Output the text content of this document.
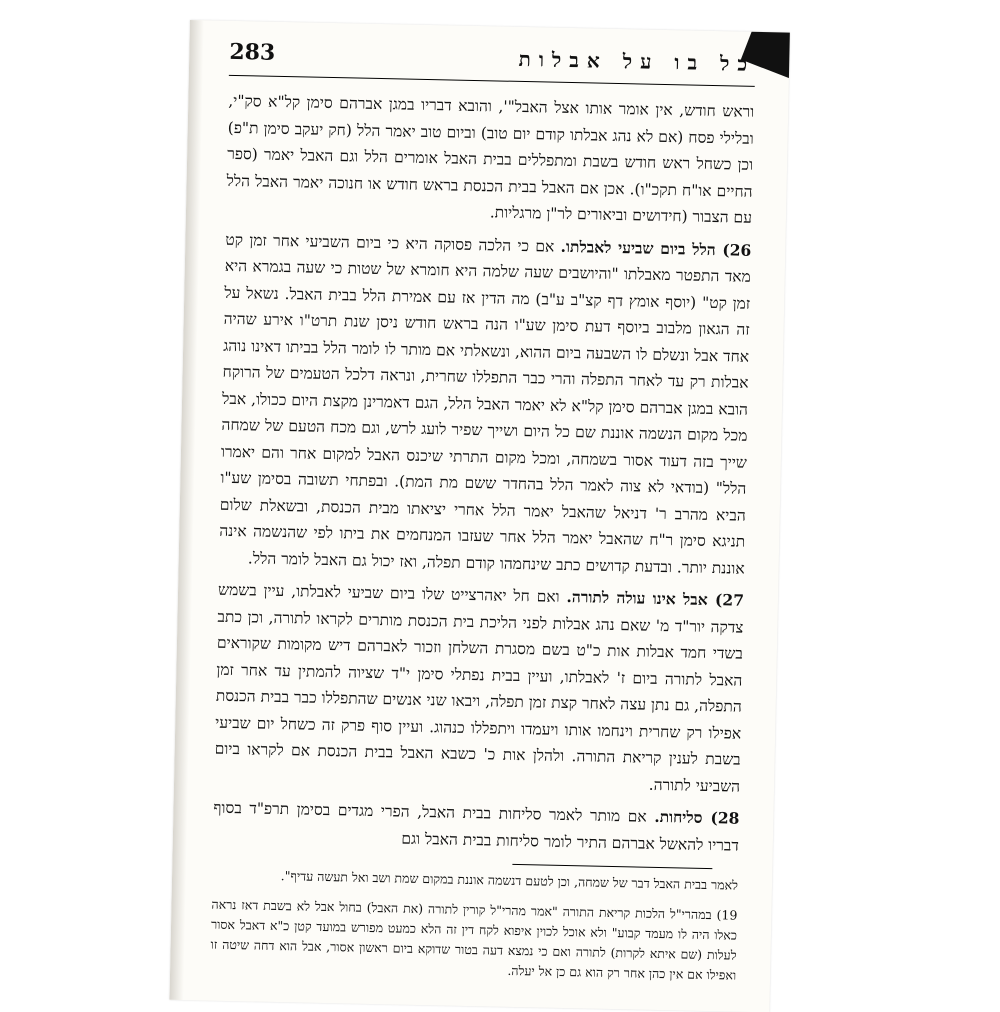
283	כל בו על אבלות

וראש חודש, אין אומר אותו אצל האבל"', והובא דבריו במגן אברהם סימן קל"א סק"י, ובלילי פסח (אם לא נהג אבלתו קודם יום טוב) וביום טוב יאמר הלל (חק יעקב סימן ת"פ) וכן כשחל ראש חודש בשבת ומתפללים בבית האבל אומרים הלל וגם האבל יאמר (ספר החיים או"ח תקכ"ו). אכן אם האבל בבית הכנסת בראש חודש או חנוכה יאמר האבל הלל עם הצבור (חידושים וביאורים לר"ן מרגליות.

26) הלל ביום שביעי לאבלתו. אם כי הלכה פסוקה היא כי ביום השביעי אחר זמן קט מאד התפטר מאבלתו "והיושבים שעה שלמה היא חומרא של שטות כי שעה בגמרא היא זמן קט" (יוסף אומץ דף קצ"ב ע"ב) מה הדין אז עם אמירת הלל בבית האבל. נשאל על זה הגאון מלבוב ביוסף דעת סימן שע"ו הנה בראש חודש ניסן שנת תרט"ו אירע שהיה אחד אבל ונשלם לו השבעה ביום ההוא, ונשאלתי אם מותר לו לומר הלל בביתו דאינו נוהג אבלות רק עד לאחר התפלה והרי כבר התפללו שחרית, ונראה דלכל הטעמים של הרוקח הובא במגן אברהם סימן קל"א לא יאמר האבל הלל, הגם דאמרינן מקצת היום ככולו, אבל מכל מקום הנשמה אוננת שם כל היום ושייך שפיר לועג לרש, וגם מכח הטעם של שמחה שייך בזה דעוד אסור בשמחה, ומכל מקום התרתי שיכנס האבל למקום אחר והם יאמרו הלל" (בודאי לא צוה לאמר הלל בהחדר ששם מת המת). ובפתחי תשובה בסימן שע"ו הביא מהרב ר' דניאל שהאבל יאמר הלל אחרי יציאתו מבית הכנסת, ובשאלת שלום תניגא סימן ר"ח שהאבל יאמר הלל אחר שעזבו המנחמים את ביתו לפי שהנשמה אינה אוננת יותר. ובדעת קדושים כתב שינחמהו קודם תפלה, ואז יכול גם האבל לומר הלל.

27) אבל אינו עולה לתורה. ואם חל יאהרצייט שלו ביום שביעי לאבלתו, עיין בשמש צדקה יור"ד מ' שאם נהג אבלות לפני הליכת בית הכנסת מותרים לקראו לתורה, וכן כתב בשדי חמד אבלות אות כ"ט בשם מסגרת השלחן וזכור לאברהם דיש מקומות שקוראים האבל לתורה ביום ז' לאבלתו, ועיין בבית נפתלי סימן י"ד שציוה להמתין עד אחר זמן התפלה, גם נתן עצה לאחר קצת זמן תפלה, ויבאו שני אנשים שהתפללו כבר בבית הכנסת אפילו רק שחרית וינחמו אותו ויעמדו ויתפללו כנהוג. ועיין סוף פרק זה כשחל יום שביעי בשבת לענין קריאת התורה. ולהלן אות כ' כשבא האבל בבית הכנסת אם לקראו ביום השביעי לתורה.

28) סליחות. אם מותר לאמר סליחות בבית האבל, הפרי מגדים בסימן תרפ"ד בסוף דבריו להאשל אברהם התיר לומר סליחות בבית האבל וגם

לאמר בבית האבל דבר של שמחה, וכן לטעם דנשמה אוננת במקום שמת ושב ואל תעשה עדיף".

19) במהרי"ל הלכות קריאת התורה "אמר מהרי"ל קורין לתורה (את האבל) בחול אבל לא בשבת דאז נראה כאלו היה לו מעמד קבוע" ולא אוכל לכוין איפוא לקח דין זה הלא כמעט מפורש במועד קטן כ"א דאבל אסור לעלות (שם איתא לקרות) לתורה ואם כי נמצא דעה בטור שדוקא ביום ראשון אסור, אבל הוא דחה שיטה זו ואפילו אם אין כהן אחר רק הוא גם כן אל יעלה.
